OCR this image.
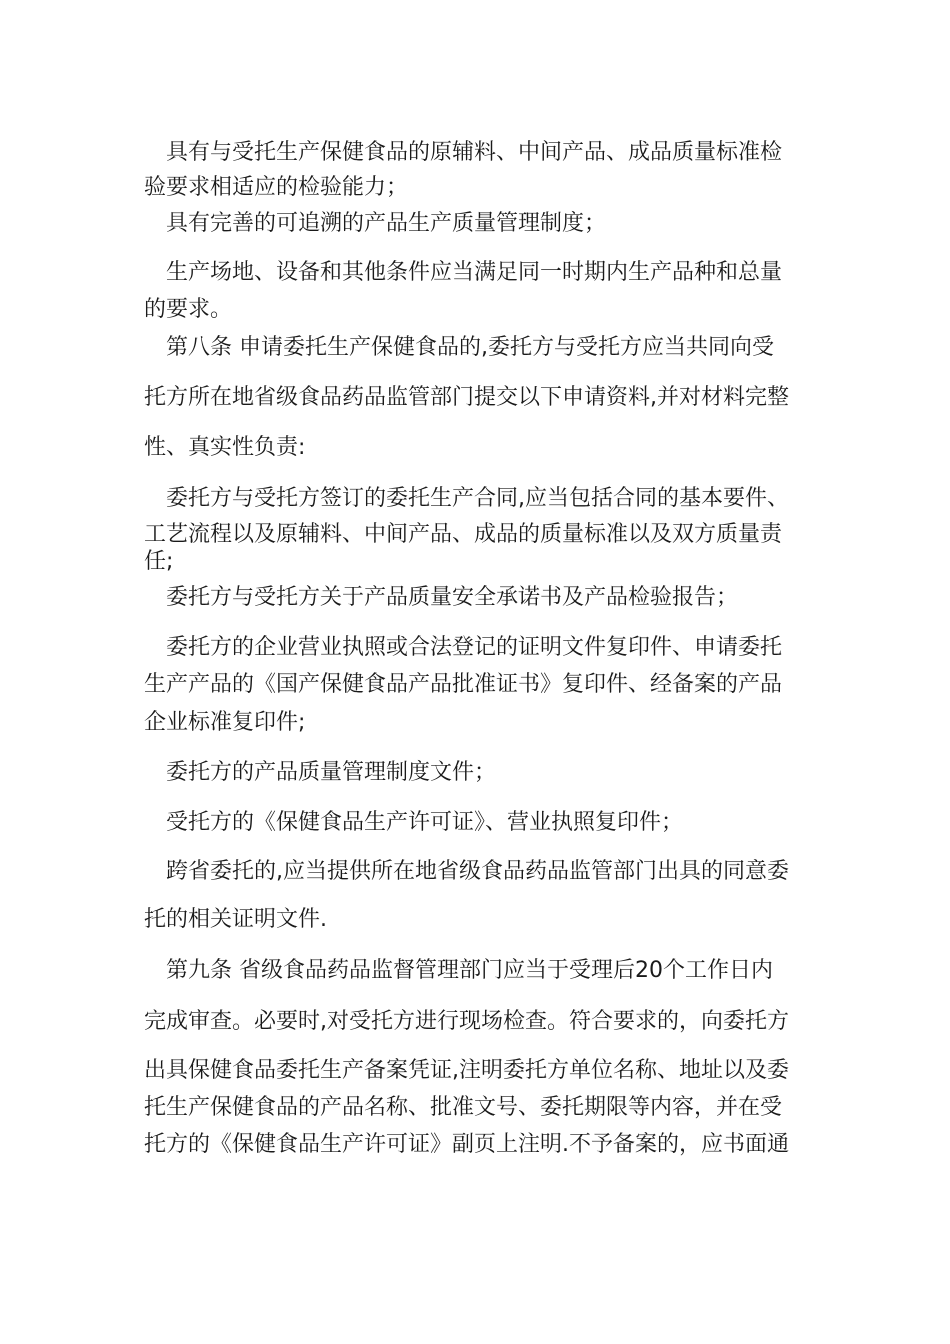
　具有与受托生产保健食品的原辅料、中间产品、成品质量标准检
验要求相适应的检验能力；
　具有完善的可追溯的产品生产质量管理制度；
　生产场地、设备和其他条件应当满足同一时期内生产品种和总量
的要求。
　第八条 申请委托生产保健食品的,委托方与受托方应当共同向受
托方所在地省级食品药品监管部门提交以下申请资料,并对材料完整
性、真实性负责:
　委托方与受托方签订的委托生产合同,应当包括合同的基本要件、
工艺流程以及原辅料、中间产品、成品的质量标准以及双方质量责
任;
　委托方与受托方关于产品质量安全承诺书及产品检验报告；
　委托方的企业营业执照或合法登记的证明文件复印件、申请委托
生产产品的《国产保健食品产品批准证书》复印件、经备案的产品
企业标准复印件;
　委托方的产品质量管理制度文件；
　受托方的《保健食品生产许可证》、营业执照复印件；
　跨省委托的,应当提供所在地省级食品药品监管部门出具的同意委
托的相关证明文件.
　第九条 省级食品药品监督管理部门应当于受理后20个工作日内
完成审查。必要时,对受托方进行现场检查。符合要求的，向委托方
出具保健食品委托生产备案凭证,注明委托方单位名称、地址以及委
托生产保健食品的产品名称、批准文号、委托期限等内容，并在受
托方的《保健食品生产许可证》副页上注明.不予备案的，应书面通
